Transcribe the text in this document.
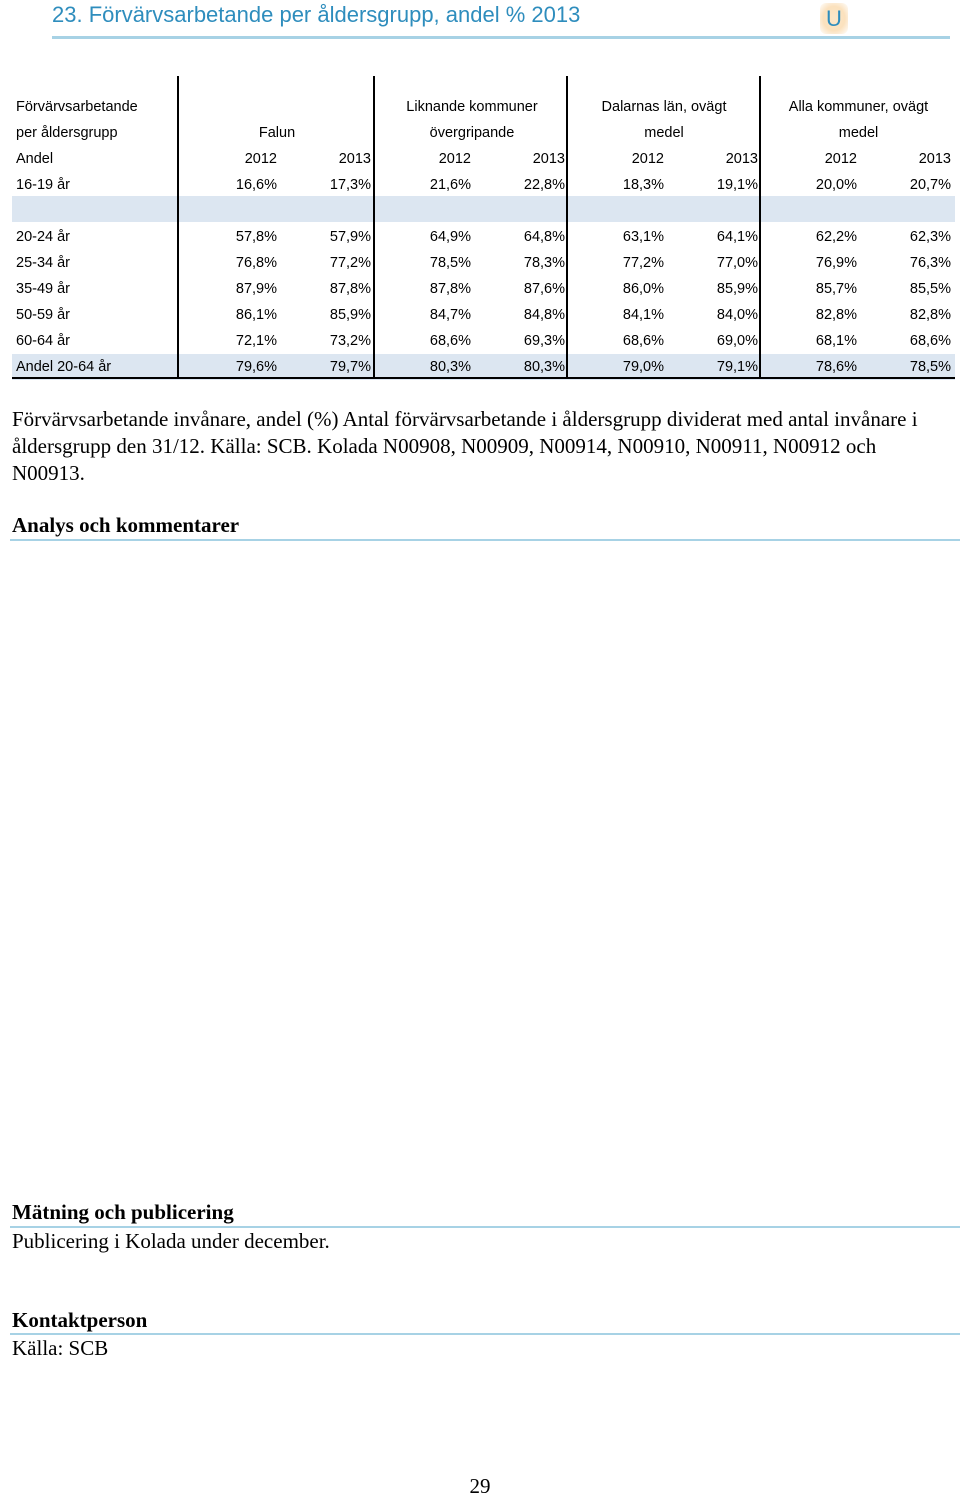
23. Förvärvsarbetande per åldersgrupp, andel % 2013	U
Förvärvsarbetande	Liknande kommuner	Dalarnas län, ovägt	Alla kommuner, ovägt
per åldersgrupp	Falun	övergripande	medel	medel
Andel	2012	2013	2012	2013	2012	2013	2012	2013
16-19 år	16,6%	17,3%	21,6%	22,8%	18,3%	19,1%	20,0%	20,7%
20-24 år	57,8%	57,9%	64,9%	64,8%	63,1%	64,1%	62,2%	62,3%
25-34 år	76,8%	77,2%	78,5%	78,3%	77,2%	77,0%	76,9%	76,3%
35-49 år	87,9%	87,8%	87,8%	87,6%	86,0%	85,9%	85,7%	85,5%
50-59 år	86,1%	85,9%	84,7%	84,8%	84,1%	84,0%	82,8%	82,8%
60-64 år	72,1%	73,2%	68,6%	69,3%	68,6%	69,0%	68,1%	68,6%
Andel 20-64 år	79,6%	79,7%	80,3%	80,3%	79,0%	79,1%	78,6%	78,5%
Förvärvsarbetande invånare, andel (%) Antal förvärvsarbetande i åldersgrupp dividerat med antal invånare i åldersgrupp den 31/12. Källa: SCB. Kolada N00908, N00909, N00914, N00910, N00911, N00912 och N00913.
Analys och kommentarer
Mätning och publicering
Publicering i Kolada under december.
Kontaktperson
Källa: SCB
29
